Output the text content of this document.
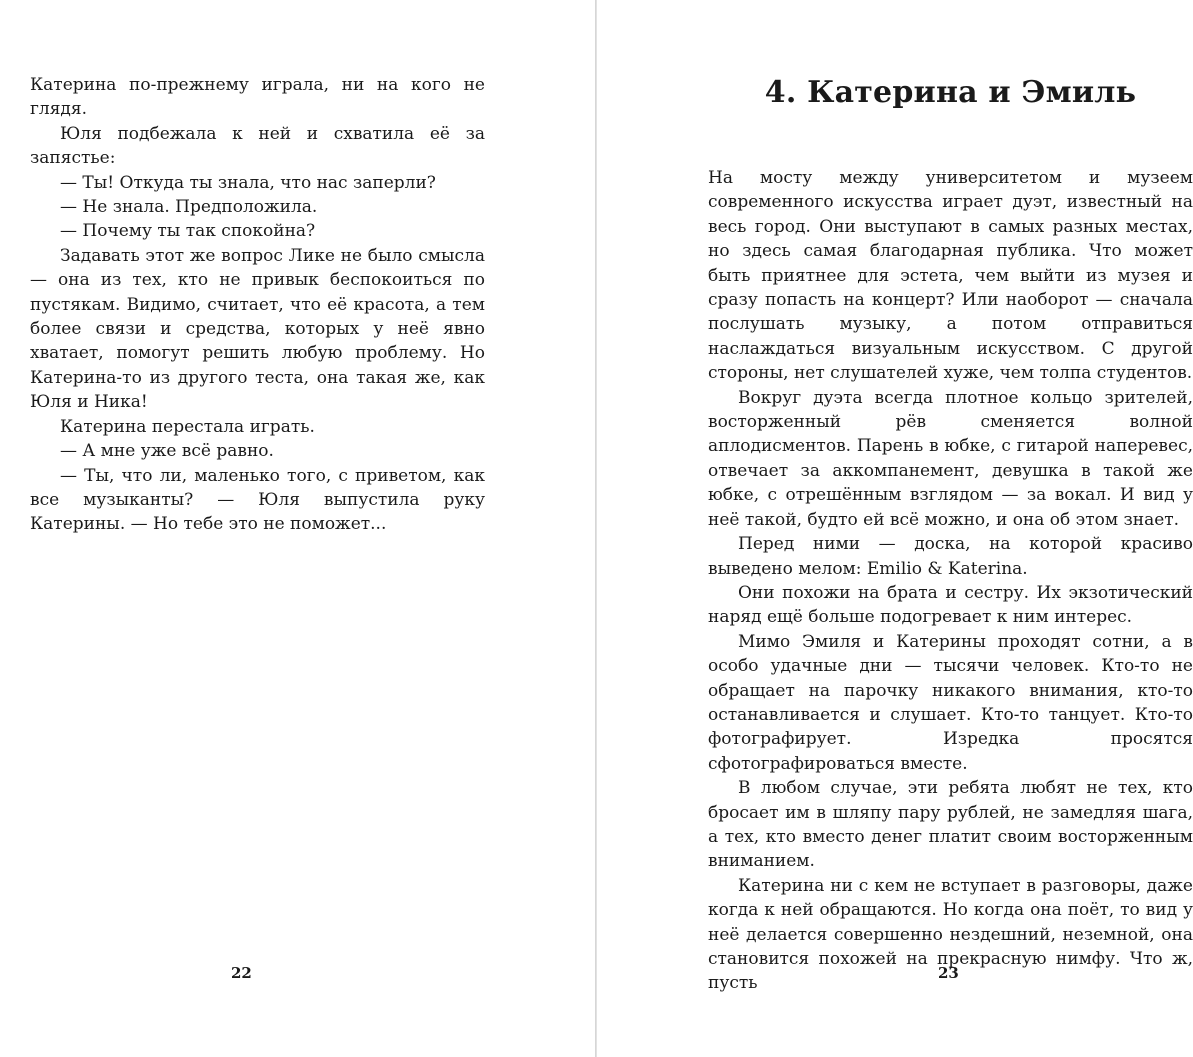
Катерина по-прежнему играла, ни на кого не глядя.

Юля подбежала к ней и схватила её за запястье:

— Ты! Откуда ты знала, что нас заперли?

— Не знала. Предположила.

— Почему ты так спокойна?

Задавать этот же вопрос Лике не было смысла — она из тех, кто не привык беспокоиться по пустякам. Видимо, считает, что её красота, а тем более связи и средства, которых у неё явно хватает, помогут решить любую проблему. Но Катерина-то из другого теста, она такая же, как Юля и Ника!

Катерина перестала играть.

— А мне уже всё равно.

— Ты, что ли, маленько того, с приветом, как все музыканты? — Юля выпустила руку Катерины. — Но тебе это не поможет...

22
4. Катерина и Эмиль

На мосту между университетом и музеем современного искусства играет дуэт, известный на весь город. Они выступают в самых разных местах, но здесь самая благодарная публика. Что может быть приятнее для эстета, чем выйти из музея и сразу попасть на концерт? Или наоборот — сначала послушать музыку, а потом отправиться наслаждаться визуальным искусством. С другой стороны, нет слушателей хуже, чем толпа студентов.

Вокруг дуэта всегда плотное кольцо зрителей, восторженный рёв сменяется волной аплодисментов. Парень в юбке, с гитарой наперевес, отвечает за аккомпанемент, девушка в такой же юбке, с отрешённым взглядом — за вокал. И вид у неё такой, будто ей всё можно, и она об этом знает.

Перед ними — доска, на которой красиво выведено мелом: Emilio & Katerina.

Они похожи на брата и сестру. Их экзотический наряд ещё больше подогревает к ним интерес.

Мимо Эмиля и Катерины проходят сотни, а в особо удачные дни — тысячи человек. Кто-то не обращает на парочку никакого внимания, кто-то останавливается и слушает. Кто-то танцует. Кто-то фотографирует. Изредка просятся сфотографироваться вместе.

В любом случае, эти ребята любят не тех, кто бросает им в шляпу пару рублей, не замедляя шага, а тех, кто вместо денег платит своим восторженным вниманием.

Катерина ни с кем не вступает в разговоры, даже когда к ней обращаются. Но когда она поёт, то вид у неё делается совершенно нездешний, неземной, она становится похожей на прекрасную нимфу. Что ж, пусть

23
